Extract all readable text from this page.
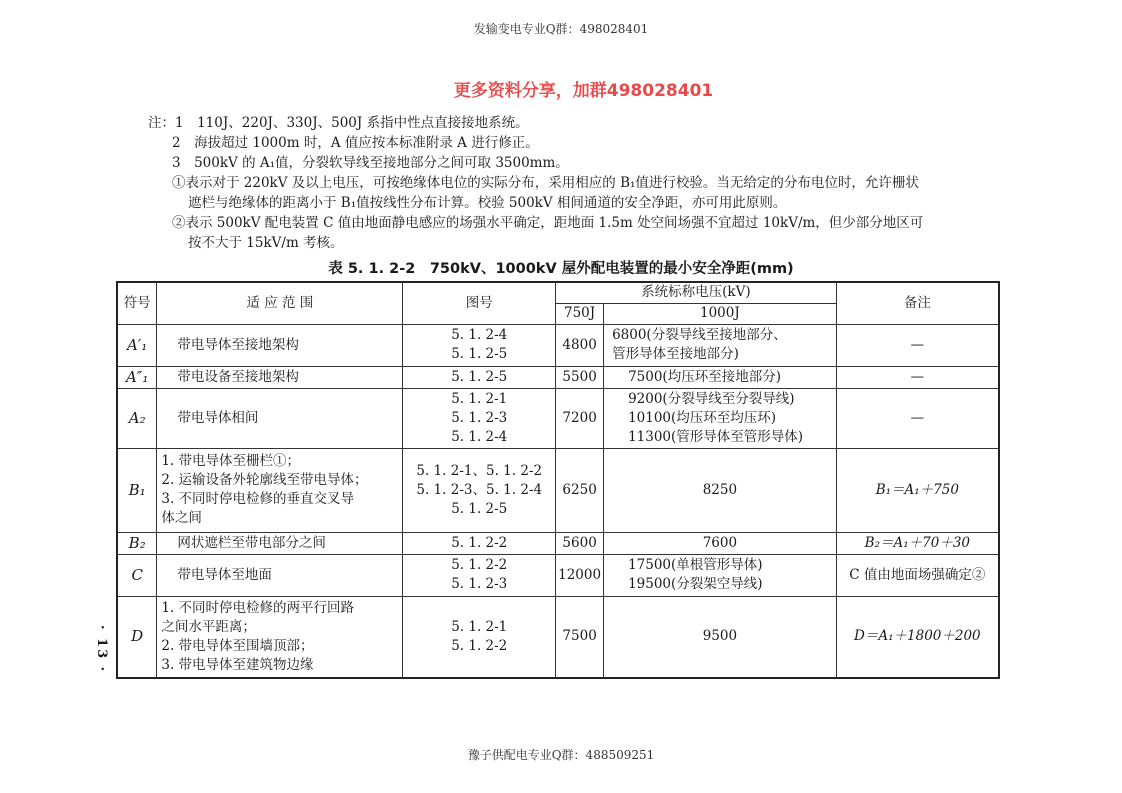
发输变电专业Q群：498028401
更多资料分享，加群498028401
注：1　110J、220J、330J、500J 系指中性点直接接地系统。
2　海拔超过 1000m 时，A 值应按本标准附录 A 进行修正。
3　500kV 的 A₁值，分裂软导线至接地部分之间可取 3500mm。
①表示对于 220kV 及以上电压，可按绝缘体电位的实际分布，采用相应的 B₁值进行校验。当无给定的分布电位时，允许栅状
遮栏与绝缘体的距离小于 B₁值按线性分布计算。校验 500kV 相间通道的安全净距，亦可用此原则。
②表示 500kV 配电装置 C 值由地面静电感应的场强水平确定，距地面 1.5m 处空间场强不宜超过 10kV/m，但少部分地区可
按不大于 15kV/m 考核。
表 5. 1. 2-2　750kV、1000kV 屋外配电装置的最小安全净距(mm)
· 13 ·
符号	适 应 范 围	图号	系统标称电压(kV)		备注
			750J	1000J	
A′₁	带电导体至接地架构	5. 1. 2-4
5. 1. 2-5	4800	6800(分裂导线至接地部分、
管形导体至接地部分)	—
A″₁	带电设备至接地架构	5. 1. 2-5	5500	7500(均压环至接地部分)	—
A₂	带电导体相间	5. 1. 2-1
5. 1. 2-3
5. 1. 2-4	7200	9200(分裂导线至分裂导线)
10100(均压环至均压环)
11300(管形导体至管形导体)	—
B₁	1. 带电导体至栅栏①；
2. 运输设备外轮廓线至带电导体；
3. 不同时停电检修的垂直交叉导
体之间	5. 1. 2-1、5. 1. 2-2
5. 1. 2-3、5. 1. 2-4
5. 1. 2-5	6250	8250	B₁＝A₁＋750
B₂	网状遮栏至带电部分之间	5. 1. 2-2	5600	7600	B₂＝A₁＋70＋30
C	带电导体至地面	5. 1. 2-2
5. 1. 2-3	12000	17500(单根管形导体)
19500(分裂架空导线)	C 值由地面场强确定②
D	1. 不同时停电检修的两平行回路
之间水平距离；
2. 带电导体至围墙顶部；
3. 带电导体至建筑物边缘	5. 1. 2-1
5. 1. 2-2	7500	9500	D＝A₁＋1800＋200
豫子供配电专业Q群：488509251
